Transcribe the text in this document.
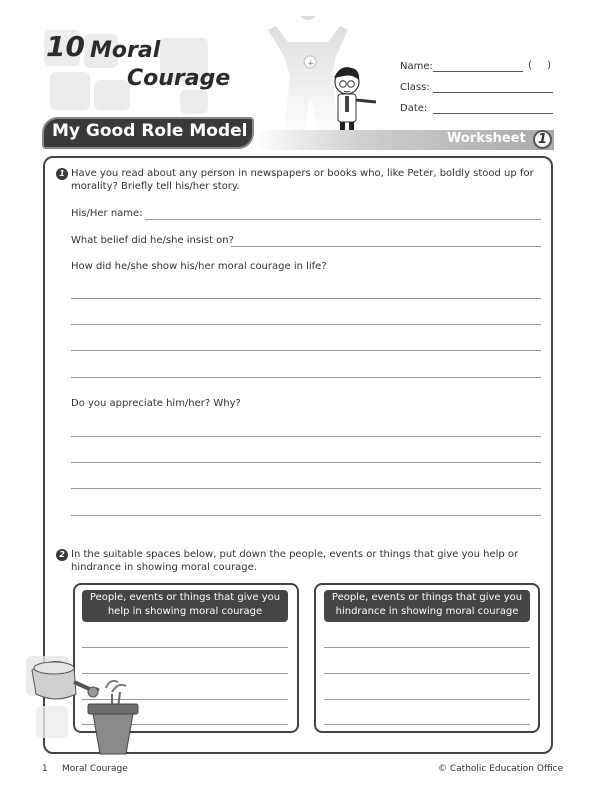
10 Moral
Courage
+	Name:	( )
Class:
Date:
My Good Role Model	Worksheet 1
1 Have you read about any person in newspapers or books who, like Peter, boldly stood up for
morality? Briefly tell his/her story.
His/Her name:
What belief did he/she insist on?
How did he/she show his/her moral courage in life?
Do you appreciate him/her? Why?
2 In the suitable spaces below, put down the people, events or things that give you help or
hindrance in showing moral courage.
People, events or things that give you
help in showing moral courage
People, events or things that give you
hindrance in showing moral courage
1 Moral Courage	© Catholic Education Office
